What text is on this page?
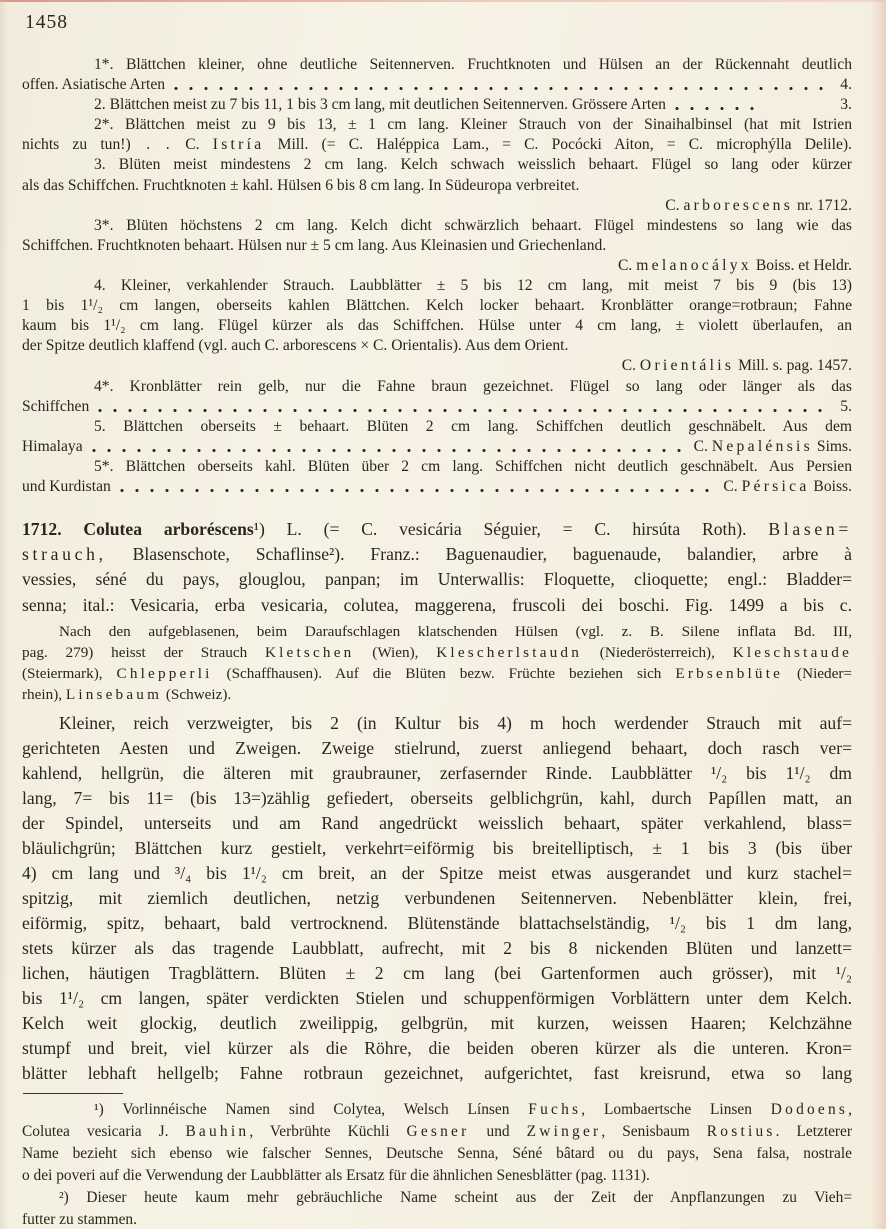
1458
1*. Blättchen kleiner, ohne deutliche Seitennerven. Fruchtknoten und Hülsen an der Rückennaht deutlich
offen. Asiatische Arten	4.
2. Blättchen meist zu 7 bis 11, 1 bis 3 cm lang, mit deutlichen Seitennerven. Grössere Arten	3.
2*. Blättchen meist zu 9 bis 13, ± 1 cm lang. Kleiner Strauch von der Sinaihalbinsel (hat mit Istrien
nichts zu tun!)  .  .  C. Istría Mill. (= C. Haléppica Lam., = C. Pocócki Aiton, = C. microphýlla Delile).
3. Blüten meist mindestens 2 cm lang. Kelch schwach weisslich behaart. Flügel so lang oder kürzer
als das Schiffchen. Fruchtknoten ± kahl. Hülsen 6 bis 8 cm lang. In Südeuropa verbreitet.
C. arborescens nr. 1712.
3*. Blüten höchstens 2 cm lang. Kelch dicht schwärzlich behaart. Flügel mindestens so lang wie das
Schiffchen. Fruchtknoten behaart. Hülsen nur ± 5 cm lang. Aus Kleinasien und Griechenland.
C. melanocályx Boiss. et Heldr.
4. Kleiner, verkahlender Strauch. Laubblätter ± 5 bis 12 cm lang, mit meist 7 bis 9 (bis 13)
1 bis 1¹/₂ cm langen, oberseits kahlen Blättchen. Kelch locker behaart. Kronblätter orange=rotbraun; Fahne
kaum bis 1¹/₂ cm lang. Flügel kürzer als das Schiffchen. Hülse unter 4 cm lang, ± violett überlaufen, an
der Spitze deutlich klaffend (vgl. auch C. arborescens × C. Orientalis). Aus dem Orient.
C. Orientális Mill. s. pag. 1457.
4*. Kronblätter rein gelb, nur die Fahne braun gezeichnet. Flügel so lang oder länger als das
Schiffchen	5.
5. Blättchen oberseits ± behaart. Blüten 2 cm lang. Schiffchen deutlich geschnäbelt. Aus dem
Himalaya	C. Nepalénsis Sims.
5*. Blättchen oberseits kahl. Blüten über 2 cm lang. Schiffchen nicht deutlich geschnäbelt. Aus Persien
und Kurdistan	C. Pérsica Boiss.
1712. Colutea arboréscens¹) L. (= C. vesicária Séguier, = C. hirsúta Roth). Blasen=
strauch, Blasenschote, Schaflinse²). Franz.: Baguenaudier, baguenaude, balandier, arbre à
vessies, séné du pays, glouglou, panpan; im Unterwallis: Floquette, clioquette; engl.: Bladder=
senna; ital.: Vesicaria, erba vesicaria, colutea, maggerena, fruscoli dei boschi. Fig. 1499 a bis c.
Nach den aufgeblasenen, beim Daraufschlagen klatschenden Hülsen (vgl. z. B. Silene inflata Bd. III,
pag. 279) heisst der Strauch Kletschen (Wien), Klescherlstaudn (Niederösterreich), Kleschstaude
(Steiermark), Chlepperli (Schaffhausen). Auf die Blüten bezw. Früchte beziehen sich Erbsenblüte (Nieder=
rhein), Linsebaum (Schweiz).
Kleiner, reich verzweigter, bis 2 (in Kultur bis 4) m hoch werdender Strauch mit auf=
gerichteten Aesten und Zweigen. Zweige stielrund, zuerst anliegend behaart, doch rasch ver=
kahlend, hellgrün, die älteren mit graubrauner, zerfasernder Rinde. Laubblätter ¹/₂ bis 1¹/₂ dm
lang, 7= bis 11= (bis 13=)zählig gefiedert, oberseits gelblichgrün, kahl, durch Papíllen matt, an
der Spindel, unterseits und am Rand angedrückt weisslich behaart, später verkahlend, blass=
bläulichgrün; Blättchen kurz gestielt, verkehrt=eiförmig bis breitelliptisch, ± 1 bis 3 (bis über
4) cm lang und ³/₄ bis 1¹/₂ cm breit, an der Spitze meist etwas ausgerandet und kurz stachel=
spitzig, mit ziemlich deutlichen, netzig verbundenen Seitennerven. Nebenblätter klein, frei,
eiförmig, spitz, behaart, bald vertrocknend. Blütenstände blattachselständig, ¹/₂ bis 1 dm lang,
stets kürzer als das tragende Laubblatt, aufrecht, mit 2 bis 8 nickenden Blüten und lanzett=
lichen, häutigen Tragblättern. Blüten ± 2 cm lang (bei Gartenformen auch grösser), mit ¹/₂
bis 1¹/₂ cm langen, später verdickten Stielen und schuppenförmigen Vorblättern unter dem Kelch.
Kelch weit glockig, deutlich zweilippig, gelbgrün, mit kurzen, weissen Haaren; Kelchzähne
stumpf und breit, viel kürzer als die Röhre, die beiden oberen kürzer als die unteren. Kron=
blätter lebhaft hellgelb; Fahne rotbraun gezeichnet, aufgerichtet, fast kreisrund, etwa so lang
¹) Vorlinnéische Namen sind Colytea, Welsch Línsen Fuchs, Lombaertsche Linsen Dodoens,
Colutea vesicaria J. Bauhin, Verbrühte Küchli Gesner und Zwinger, Senisbaum Rostius. Letzterer
Name bezieht sich ebenso wie falscher Sennes, Deutsche Senna, Séné bâtard ou du pays, Sena falsa, nostrale
o dei poveri auf die Verwendung der Laubblätter als Ersatz für die ähnlichen Senesblätter (pag. 1131).
²) Dieser heute kaum mehr gebräuchliche Name scheint aus der Zeit der Anpflanzungen zu Vieh=
futter zu stammen.
